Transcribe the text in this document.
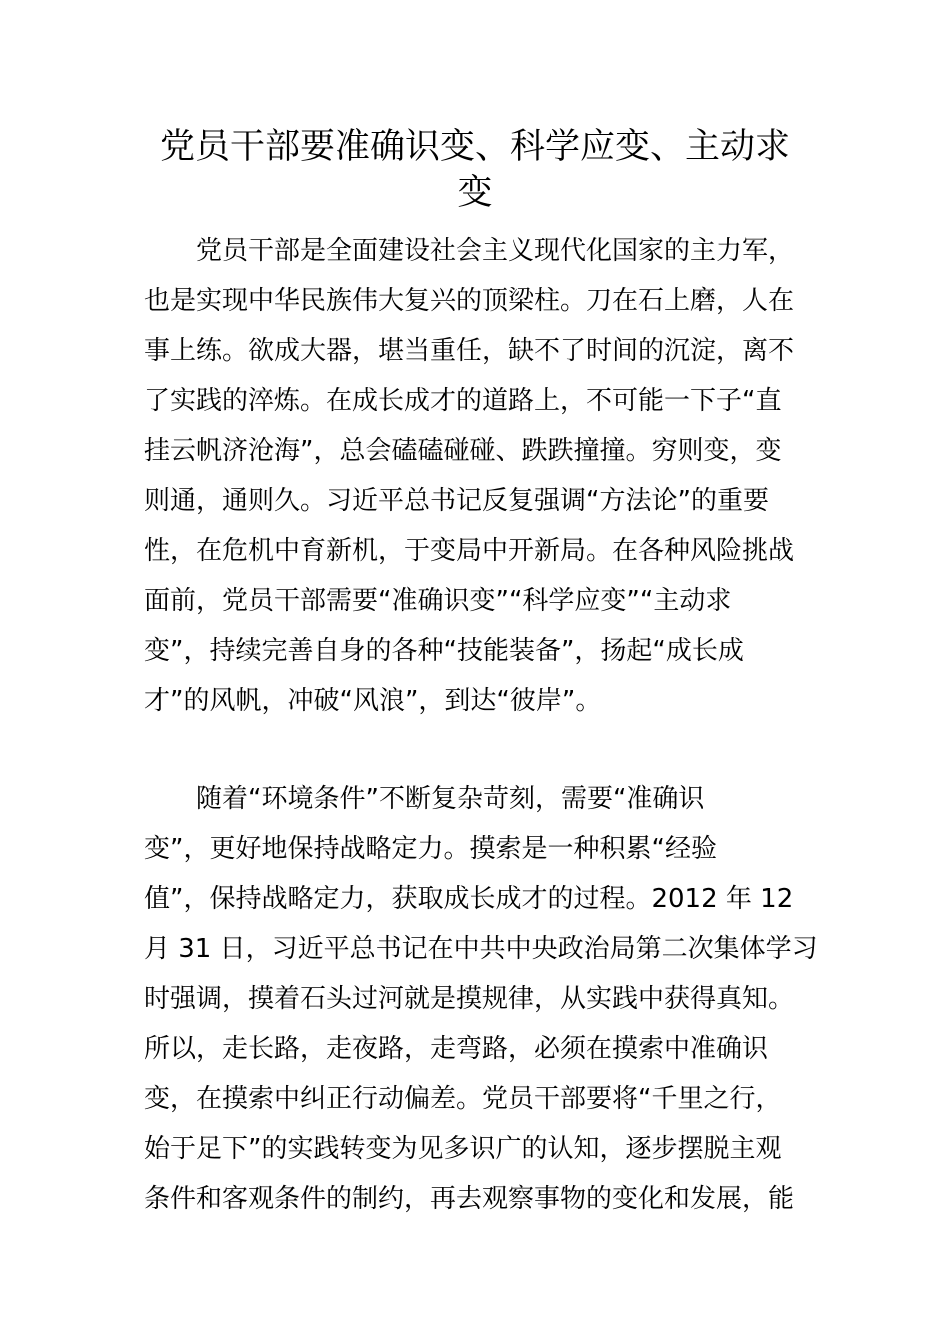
党员干部要准确识变、科学应变、主动求
变

　　党员干部是全面建设社会主义现代化国家的主力军，
也是实现中华民族伟大复兴的顶梁柱。刀在石上磨，人在
事上练。欲成大器，堪当重任，缺不了时间的沉淀，离不
了实践的淬炼。在成长成才的道路上，不可能一下子“直
挂云帆济沧海”，总会磕磕碰碰、跌跌撞撞。穷则变，变
则通，通则久。习近平总书记反复强调“方法论”的重要
性，在危机中育新机，于变局中开新局。在各种风险挑战
面前，党员干部需要“准确识变”“科学应变”“主动求
变”，持续完善自身的各种“技能装备”，扬起“成长成
才”的风帆，冲破“风浪”，到达“彼岸”。

　　随着“环境条件”不断复杂苛刻，需要“准确识
变”，更好地保持战略定力。摸索是一种积累“经验
值”，保持战略定力，获取成长成才的过程。2012 年 12
月 31 日，习近平总书记在中共中央政治局第二次集体学习
时强调，摸着石头过河就是摸规律，从实践中获得真知。
所以，走长路，走夜路，走弯路，必须在摸索中准确识
变，在摸索中纠正行动偏差。党员干部要将“千里之行，
始于足下”的实践转变为见多识广的认知，逐步摆脱主观
条件和客观条件的制约，再去观察事物的变化和发展，能
